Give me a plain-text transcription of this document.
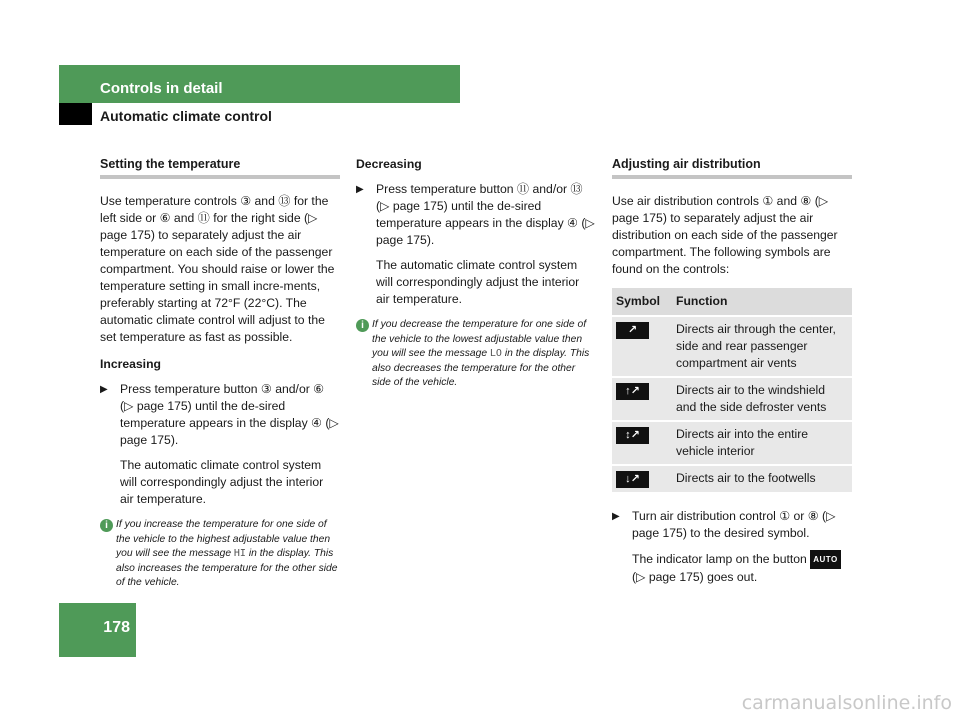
Controls in detail
Automatic climate control
Setting the temperature

Use temperature controls ③ and ⑬ for the left side or ⑥ and ⑪ for the right side (▷ page 175) to separately adjust the air temperature on each side of the passenger compartment. You should raise or lower the temperature setting in small incre-ments, preferably starting at 72°F (22°C). The automatic climate control will adjust to the set temperature as fast as possible.

Increasing

▶	Press temperature button ③ and/or ⑥ (▷ page 175) until the de-sired temperature appears in the display ④ (▷ page 175).

The automatic climate control system will correspondingly adjust the interior air temperature.

i If you increase the temperature for one side of the vehicle to the highest adjustable value then you will see the message HI in the display. This also increases the temperature for the other side of the vehicle.

Decreasing

▶	Press temperature button ⑪ and/or ⑬ (▷ page 175) until the de-sired temperature appears in the display ④ (▷ page 175).

The automatic climate control system will correspondingly adjust the interior air temperature.

i If you decrease the temperature for one side of the vehicle to the lowest adjustable value then you will see the message LO in the display. This also decreases the temperature for the other side of the vehicle.
Adjusting air distribution

Use air distribution controls ① and ⑧ (▷ page 175) to separately adjust the air distribution on each side of the passenger compartment. The following symbols are found on the controls:

Symbol	Function
↗	Directs air through the center, side and rear passenger compartment air vents
↑↗	Directs air to the windshield and the side defroster vents
↕↗	Directs air into the entire vehicle interior
↓↗	Directs air to the footwells
▶	Turn air distribution control ① or ⑧ (▷ page 175) to the desired symbol.

The indicator lamp on the button AUTO (▷ page 175) goes out.

178
carmanualsonline.info
